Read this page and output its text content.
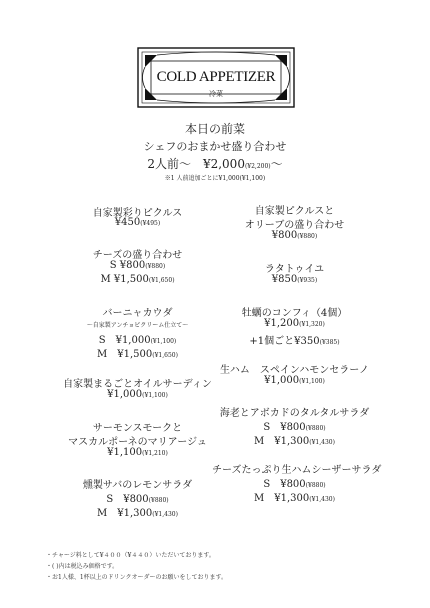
COLD APPETIZER
冷菜
本日の前菜
シェフのおまかせ盛り合わせ
2人前〜　¥2,000(¥2,200)〜
※1 人前追加ごとに¥1,000(¥1,100)
自家製彩りピクルス
¥450(¥495)
自家製ピクルスと
オリーブの盛り合わせ
¥800(¥880)
チーズの盛り合わせ
S ¥800(¥880)
M ¥1,500(¥1,650)
ラタトゥイユ
¥850(¥935)
バーニャカウダ
〜自家製アンチョビクリーム仕立て〜
S　¥1,000(¥1,100)
M　¥1,500(¥1,650)
牡蠣のコンフィ（4個）
¥1,200(¥1,320)
+1個ごと¥350(¥385)
生ハム　スペインハモンセラーノ
¥1,000(¥1,100)
自家製まるごとオイルサーディン
¥1,000(¥1,100)
海老とアボカドのタルタルサラダ
S　¥800(¥880)
M　¥1,300(¥1,430)
サーモンスモークと
マスカルポーネのマリアージュ
¥1,100(¥1,210)
チーズたっぷり生ハムシーザーサラダ
S　¥800(¥880)
M　¥1,300(¥1,430)
燻製サバのレモンサラダ
S　¥800(¥880)
M　¥1,300(¥1,430)
・チャージ料として¥４００（¥４４０）いただいております。
・( )内は税込み価格です。
・お1人様、1杯以上のドリンクオーダーのお願いをしております。
